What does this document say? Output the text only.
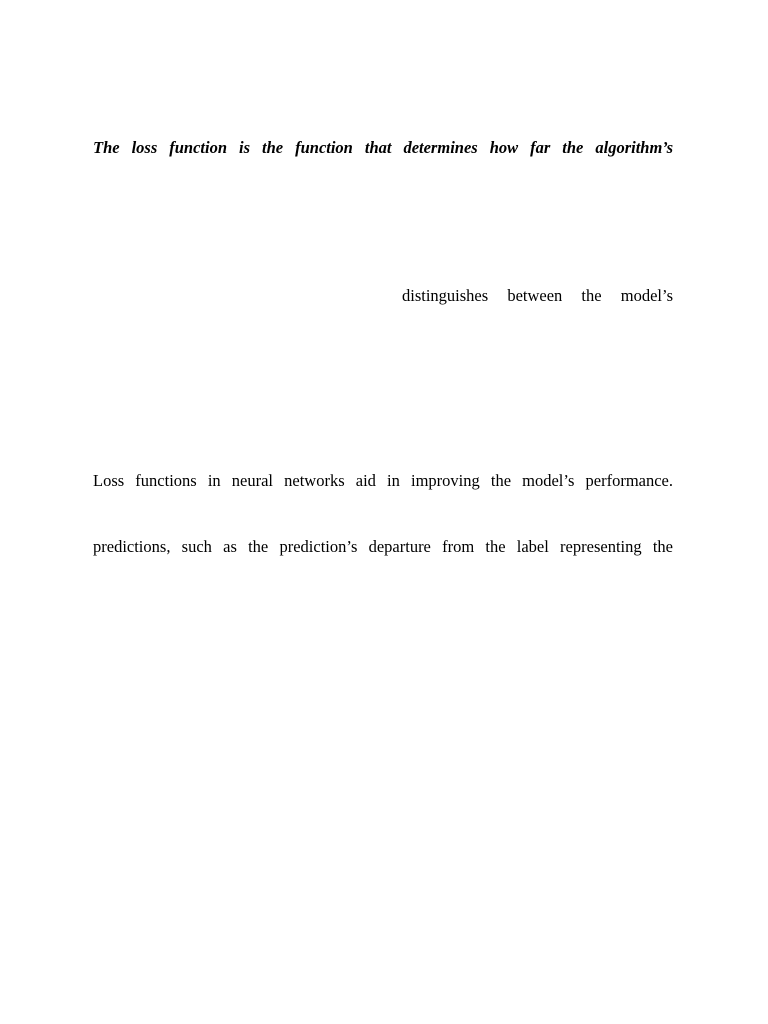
The loss function is the function that determines how far the algorithm’s
distinguishes between the model’s
Loss functions in neural networks aid in improving the model’s performance.
predictions, such as the prediction’s departure from the label representing the
